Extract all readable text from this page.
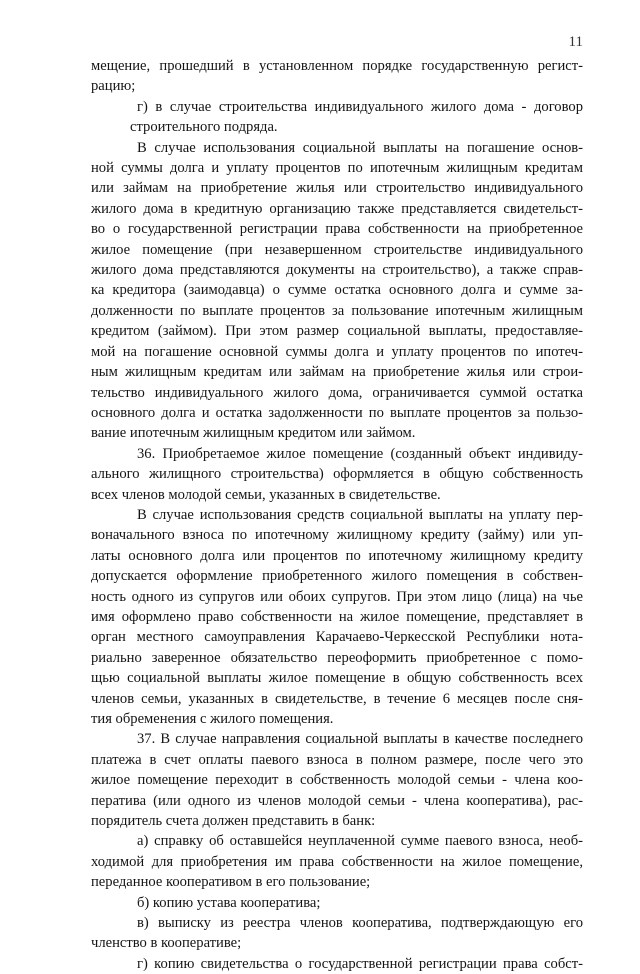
11
мещение, прошедший в установленном порядке государственную регист-
рацию;
г) в случае строительства индивидуального жилого дома - договор
строительного подряда.
В случае использования социальной выплаты на погашение основ-
ной суммы долга и уплату процентов по ипотечным жилищным кредитам
или займам на приобретение жилья или строительство индивидуального
жилого дома в кредитную организацию также представляется свидетельст-
во о государственной регистрации права собственности на приобретенное
жилое помещение (при незавершенном строительстве индивидуального
жилого дома представляются документы на строительство), а также справ-
ка кредитора (заимодавца) о сумме остатка основного долга и сумме за-
долженности по выплате процентов за пользование ипотечным жилищным
кредитом (займом). При этом размер социальной выплаты, предоставляе-
мой на погашение основной суммы долга и уплату процентов по ипотеч-
ным жилищным кредитам или займам на приобретение жилья или строи-
тельство индивидуального жилого дома, ограничивается суммой остатка
основного долга и остатка задолженности по выплате процентов за пользо-
вание ипотечным жилищным кредитом или займом.
36. Приобретаемое жилое помещение (созданный объект индивиду-
ального жилищного строительства) оформляется в общую собственность
всех членов молодой семьи, указанных в свидетельстве.
В случае использования средств социальной выплаты на уплату пер-
воначального взноса по ипотечному жилищному кредиту (займу) или уп-
латы основного долга или процентов по ипотечному жилищному кредиту
допускается оформление приобретенного жилого помещения в собствен-
ность одного из супругов или обоих супругов. При этом лицо (лица) на чье
имя оформлено право собственности на жилое помещение, представляет в
орган местного самоуправления Карачаево-Черкесской Республики нота-
риально заверенное обязательство переоформить приобретенное с помо-
щью социальной выплаты жилое помещение в общую собственность всех
членов семьи, указанных в свидетельстве, в течение 6 месяцев после сня-
тия обременения с жилого помещения.
37. В случае направления социальной выплаты в качестве последнего
платежа в счет оплаты паевого взноса в полном размере, после чего это
жилое помещение переходит в собственность молодой семьи - члена коо-
ператива (или одного из членов молодой семьи - члена кооператива), рас-
порядитель счета должен представить в банк:
а) справку об оставшейся неуплаченной сумме паевого взноса, необ-
ходимой для приобретения им права собственности на жилое помещение,
переданное кооперативом в его пользование;
б) копию устава кооператива;
в) выписку из реестра членов кооператива, подтверждающую его
членство в кооперативе;
г) копию свидетельства о государственной регистрации права собст-
